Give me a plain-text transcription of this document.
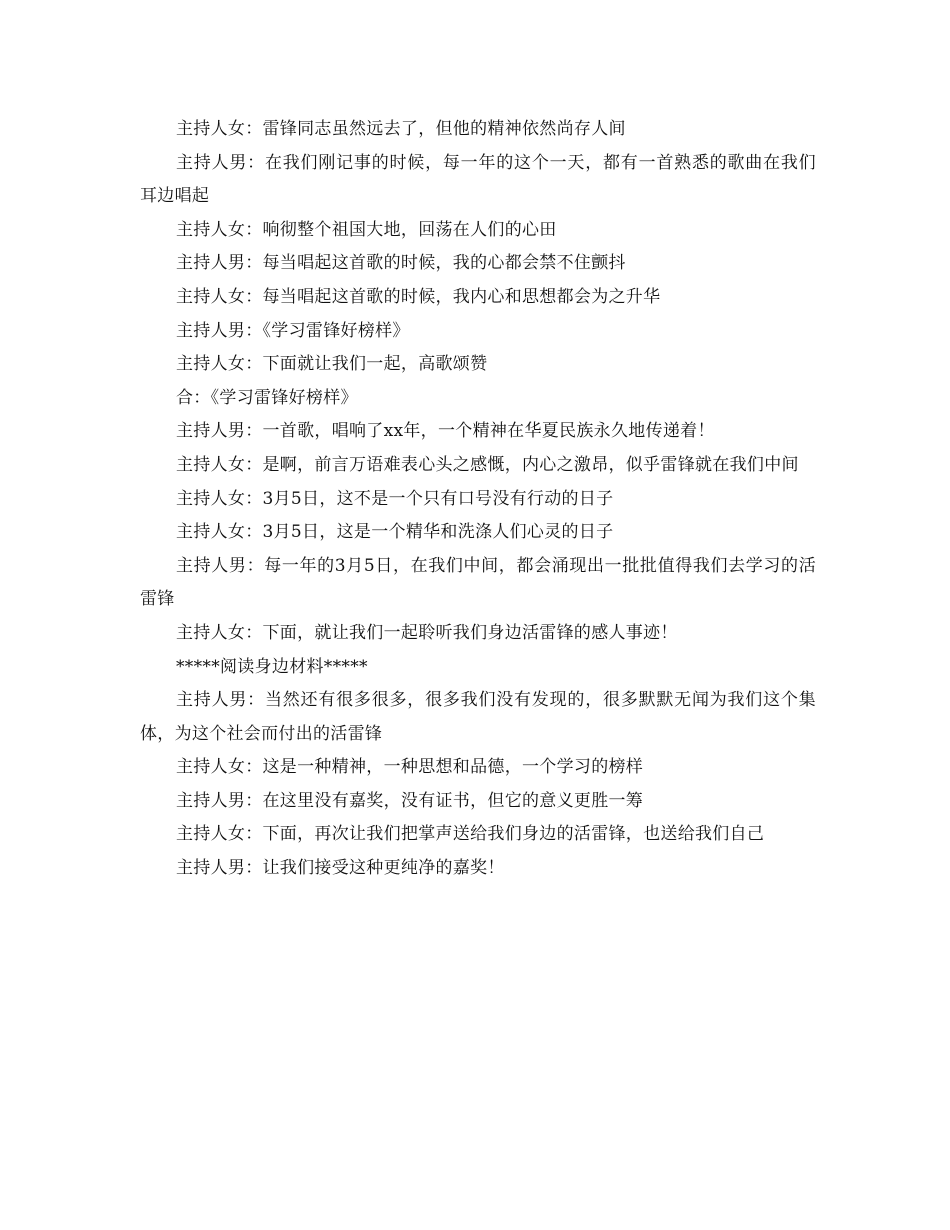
主持人女：雷锋同志虽然远去了，但他的精神依然尚存人间

主持人男：在我们刚记事的时候，每一年的这个一天，都有一首熟悉的歌曲在我们耳边唱起

主持人女：响彻整个祖国大地，回荡在人们的心田

主持人男：每当唱起这首歌的时候，我的心都会禁不住颤抖

主持人女：每当唱起这首歌的时候，我内心和思想都会为之升华

主持人男：《学习雷锋好榜样》

主持人女：下面就让我们一起，高歌颂赞

合：《学习雷锋好榜样》

主持人男：一首歌，唱响了xx年，一个精神在华夏民族永久地传递着！

主持人女：是啊，前言万语难表心头之感慨，内心之激昂，似乎雷锋就在我们中间

主持人女：3月5日，这不是一个只有口号没有行动的日子

主持人女：3月5日，这是一个精华和洗涤人们心灵的日子

主持人男：每一年的3月5日，在我们中间，都会涌现出一批批值得我们去学习的活雷锋

主持人女：下面，就让我们一起聆听我们身边活雷锋的感人事迹！

*****阅读身边材料*****

主持人男：当然还有很多很多，很多我们没有发现的，很多默默无闻为我们这个集体，为这个社会而付出的活雷锋

主持人女：这是一种精神，一种思想和品德，一个学习的榜样

主持人男：在这里没有嘉奖，没有证书，但它的意义更胜一筹

主持人女：下面，再次让我们把掌声送给我们身边的活雷锋，也送给我们自己

主持人男：让我们接受这种更纯净的嘉奖！
